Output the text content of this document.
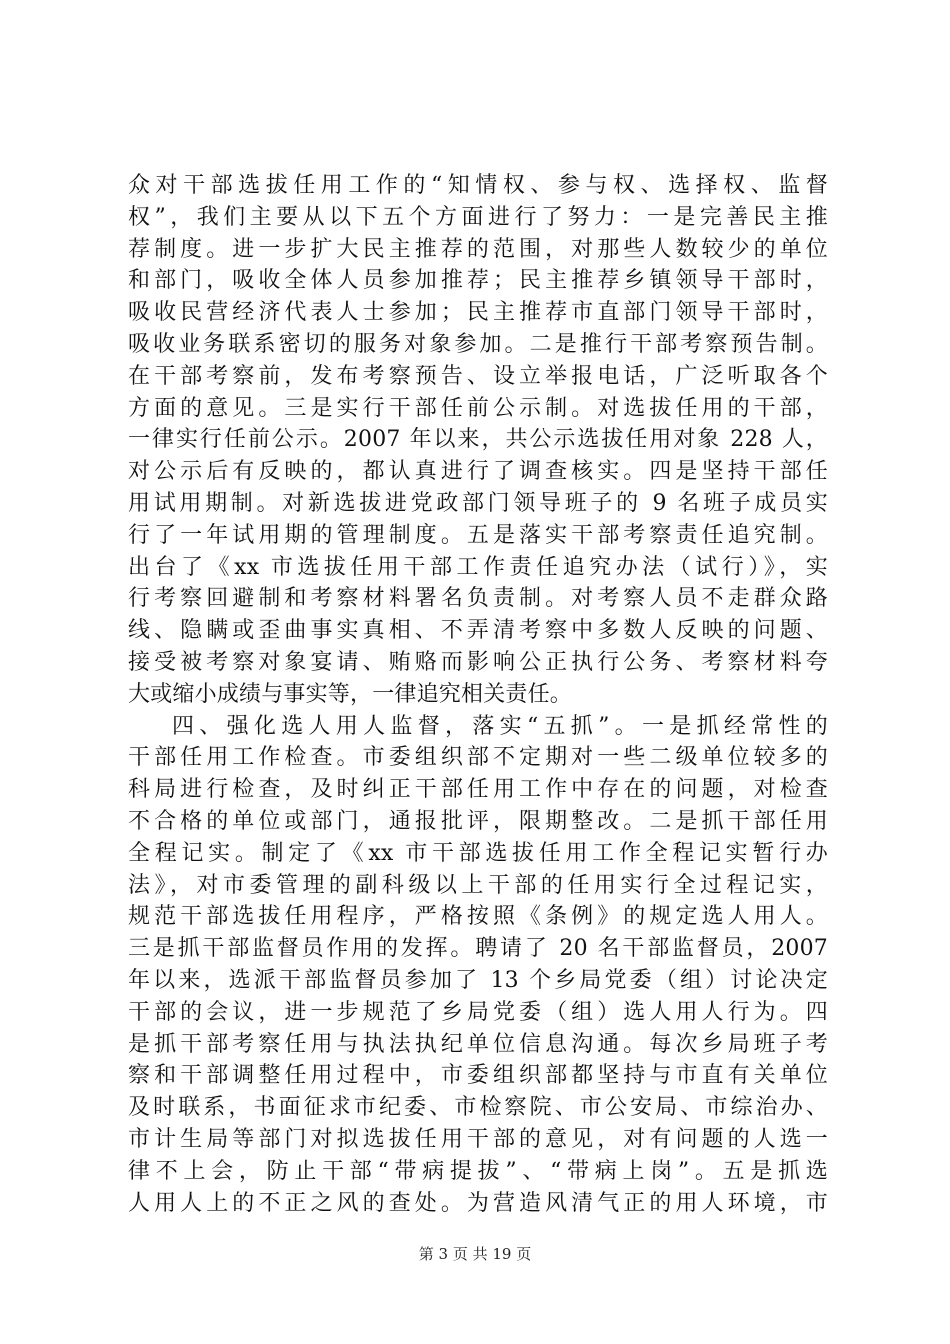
众对干部选拔任用工作的“知情权、参与权、选择权、监督
权”，我们主要从以下五个方面进行了努力：一是完善民主推
荐制度。进一步扩大民主推荐的范围，对那些人数较少的单位
和部门，吸收全体人员参加推荐；民主推荐乡镇领导干部时，
吸收民营经济代表人士参加；民主推荐市直部门领导干部时，
吸收业务联系密切的服务对象参加。二是推行干部考察预告制。
在干部考察前，发布考察预告、设立举报电话，广泛听取各个
方面的意见。三是实行干部任前公示制。对选拔任用的干部，
一律实行任前公示。2007 年以来，共公示选拔任用对象 228 人，
对公示后有反映的，都认真进行了调查核实。四是坚持干部任
用试用期制。对新选拔进党政部门领导班子的 9 名班子成员实
行了一年试用期的管理制度。五是落实干部考察责任追究制。
出台了《xx 市选拔任用干部工作责任追究办法（试行）》，实
行考察回避制和考察材料署名负责制。对考察人员不走群众路
线、隐瞒或歪曲事实真相、不弄清考察中多数人反映的问题、
接受被考察对象宴请、贿赂而影响公正执行公务、考察材料夸
大或缩小成绩与事实等，一律追究相关责任。
四、强化选人用人监督，落实“五抓”。一是抓经常性的
干部任用工作检查。市委组织部不定期对一些二级单位较多的
科局进行检查，及时纠正干部任用工作中存在的问题，对检查
不合格的单位或部门，通报批评，限期整改。二是抓干部任用
全程记实。制定了《xx 市干部选拔任用工作全程记实暂行办
法》，对市委管理的副科级以上干部的任用实行全过程记实，
规范干部选拔任用程序，严格按照《条例》的规定选人用人。
三是抓干部监督员作用的发挥。聘请了 20 名干部监督员，2007
年以来，选派干部监督员参加了 13 个乡局党委（组）讨论决定
干部的会议，进一步规范了乡局党委（组）选人用人行为。四
是抓干部考察任用与执法执纪单位信息沟通。每次乡局班子考
察和干部调整任用过程中，市委组织部都坚持与市直有关单位
及时联系，书面征求市纪委、市检察院、市公安局、市综治办、
市计生局等部门对拟选拔任用干部的意见，对有问题的人选一
律不上会，防止干部“带病提拔”、“带病上岗”。五是抓选
人用人上的不正之风的查处。为营造风清气正的用人环境，市
第 3 页 共 19 页
